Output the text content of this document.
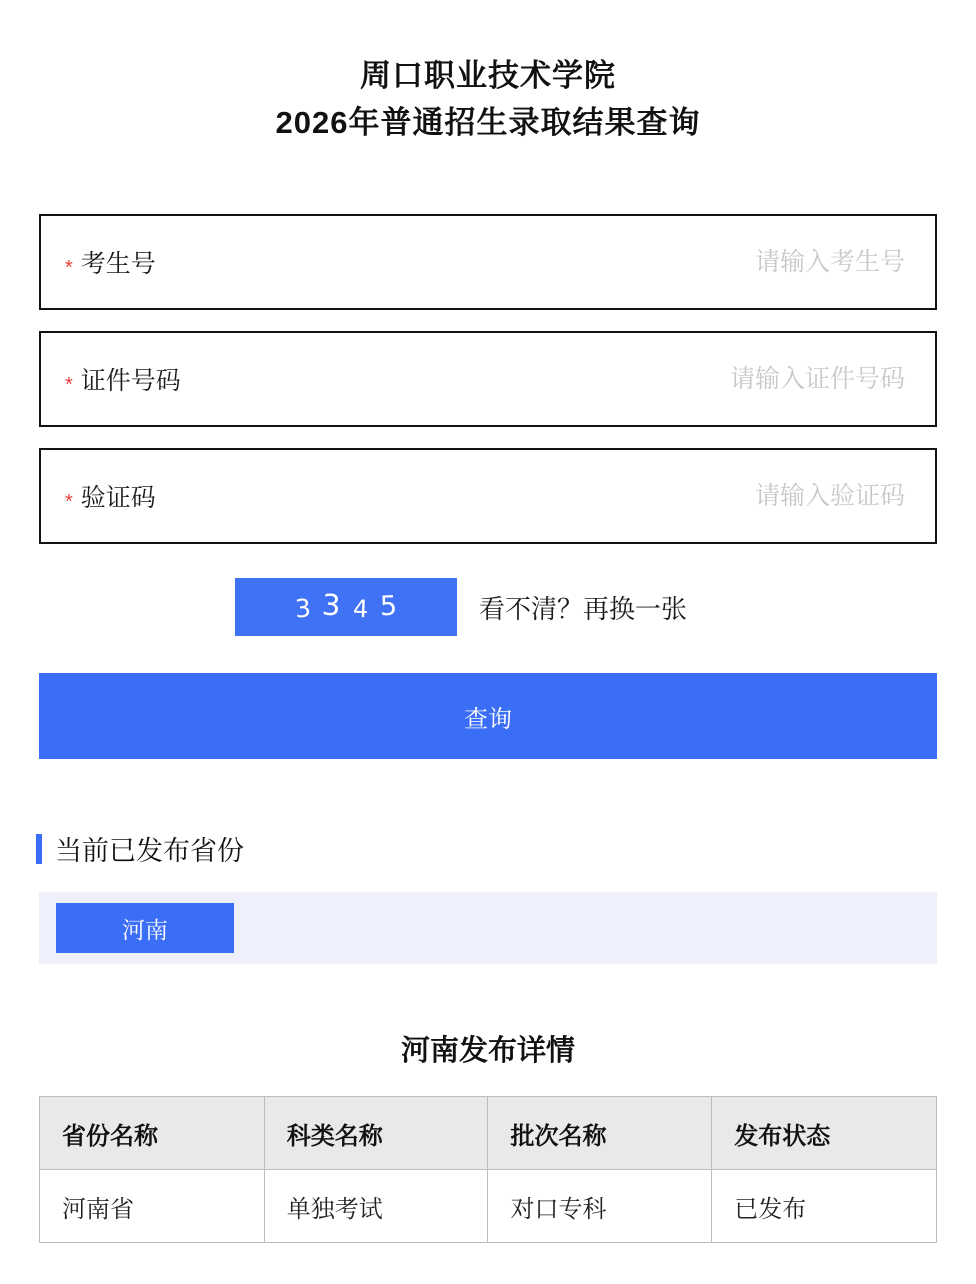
周口职业技术学院
2026年普通招生录取结果查询
* 考生号
请输入考生号
* 证件号码
请输入证件号码
* 验证码
请输入验证码
3 3 4 5	看不清？再换一张
查询
当前已发布省份
河南
河南发布详情
省份名称	科类名称	批次名称	发布状态
河南省	单独考试	对口专科	已发布
